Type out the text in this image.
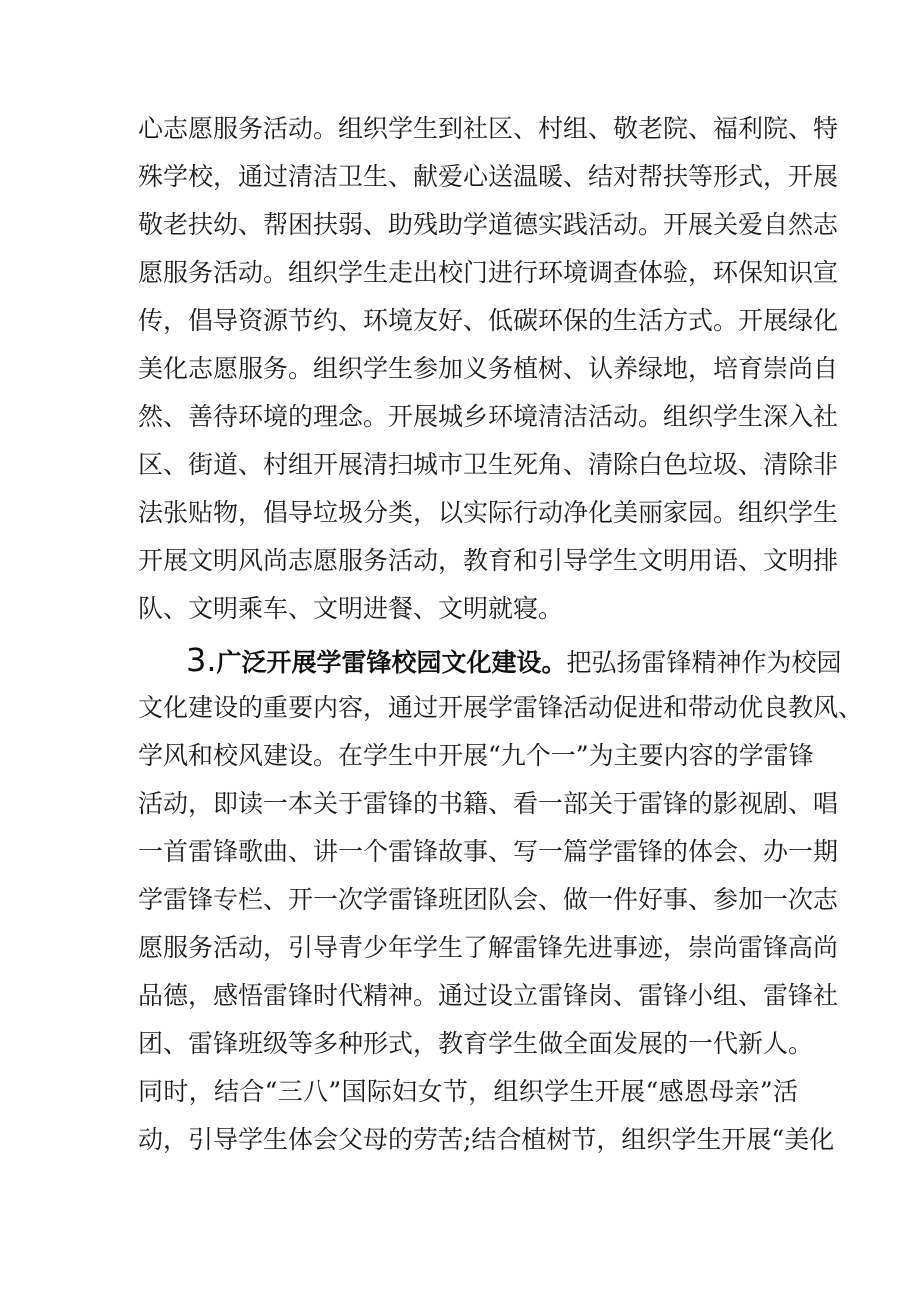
心志愿服务活动。组织学生到社区、村组、敬老院、福利院、特
殊学校，通过清洁卫生、献爱心送温暖、结对帮扶等形式，开展
敬老扶幼、帮困扶弱、助残助学道德实践活动。开展关爱自然志
愿服务活动。组织学生走出校门进行环境调查体验，环保知识宣
传，倡导资源节约、环境友好、低碳环保的生活方式。开展绿化
美化志愿服务。组织学生参加义务植树、认养绿地，培育崇尚自
然、善待环境的理念。开展城乡环境清洁活动。组织学生深入社
区、街道、村组开展清扫城市卫生死角、清除白色垃圾、清除非
法张贴物，倡导垃圾分类，以实际行动净化美丽家园。组织学生
开展文明风尚志愿服务活动，教育和引导学生文明用语、文明排
队、文明乘车、文明进餐、文明就寝。
3.广泛开展学雷锋校园文化建设。把弘扬雷锋精神作为校园
文化建设的重要内容，通过开展学雷锋活动促进和带动优良教风、
学风和校风建设。在学生中开展“九个一”为主要内容的学雷锋
活动，即读一本关于雷锋的书籍、看一部关于雷锋的影视剧、唱
一首雷锋歌曲、讲一个雷锋故事、写一篇学雷锋的体会、办一期
学雷锋专栏、开一次学雷锋班团队会、做一件好事、参加一次志
愿服务活动，引导青少年学生了解雷锋先进事迹，崇尚雷锋高尚
品德，感悟雷锋时代精神。通过设立雷锋岗、雷锋小组、雷锋社
团、雷锋班级等多种形式，教育学生做全面发展的一代新人。
同时，结合“三八”国际妇女节，组织学生开展“感恩母亲”活
动，引导学生体会父母的劳苦;结合植树节，组织学生开展“美化
